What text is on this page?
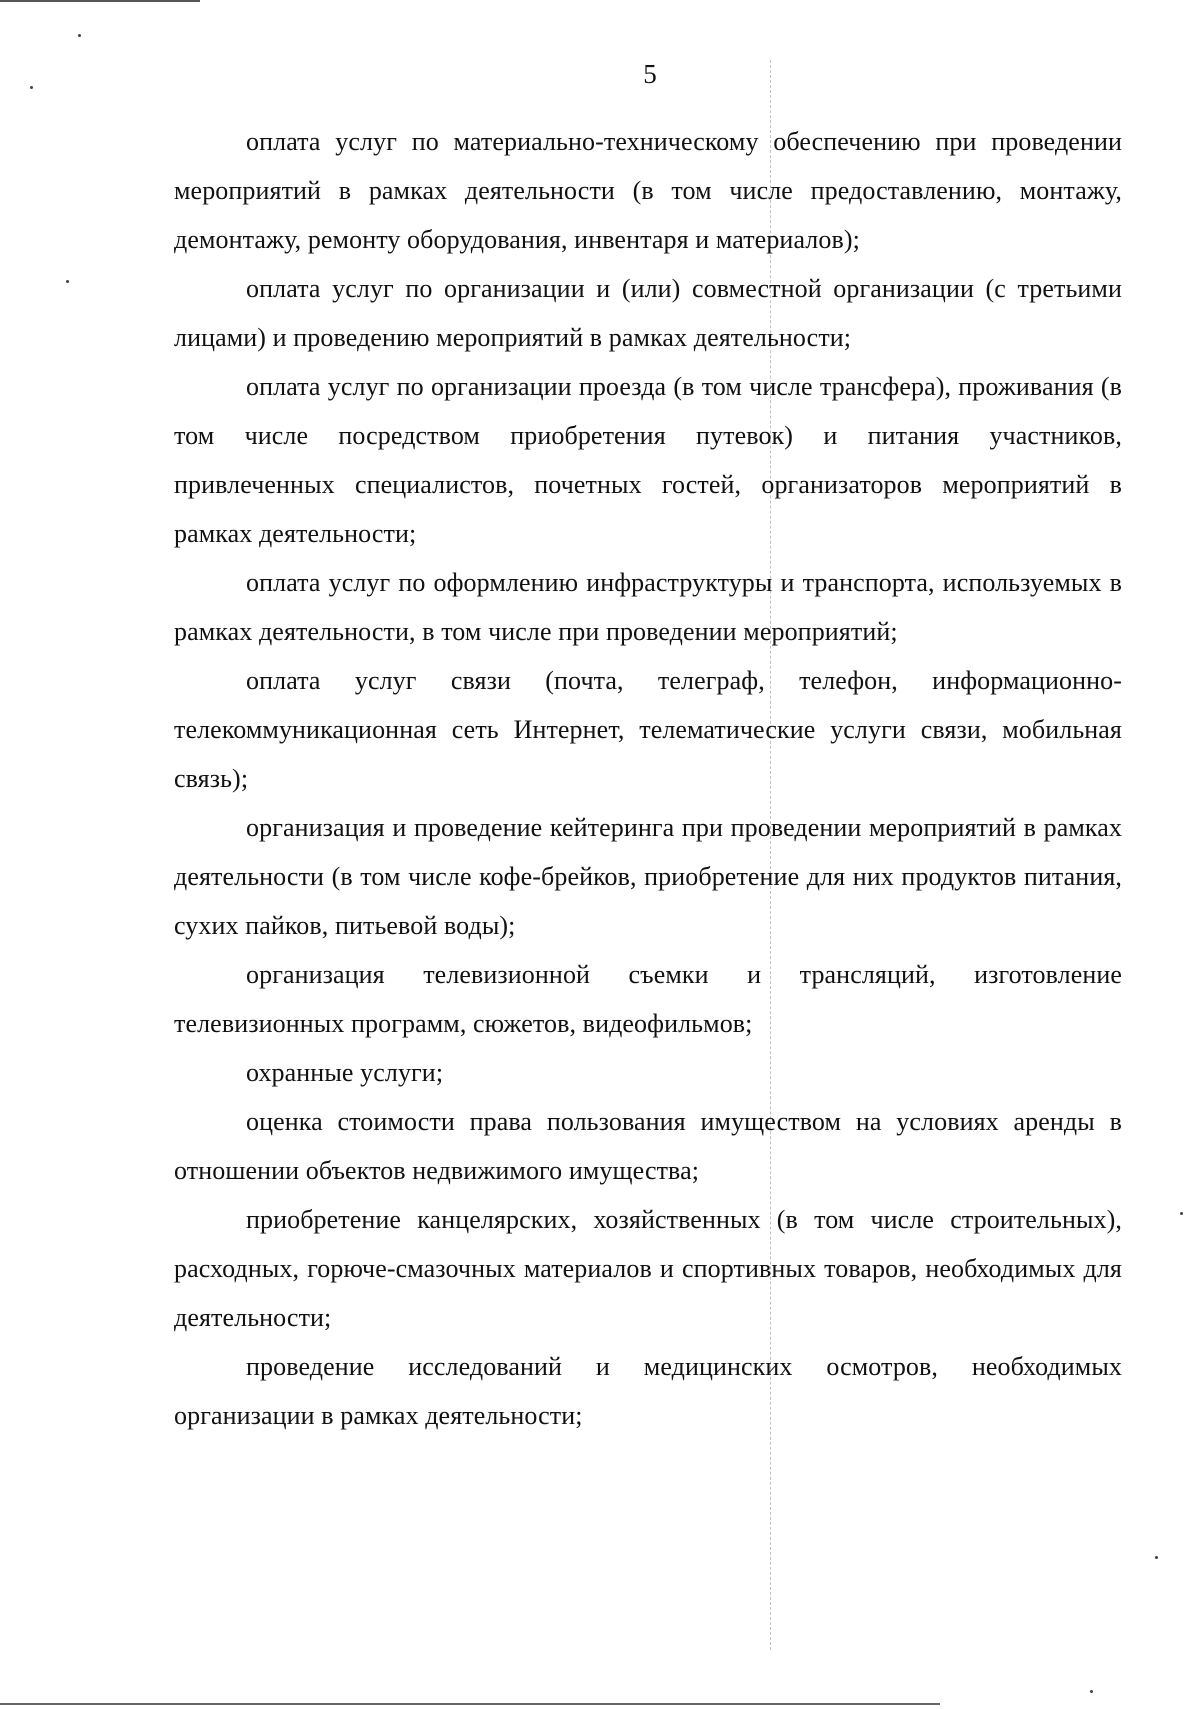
5

оплата услуг по материально-техническому обеспечению при проведении мероприятий в рамках деятельности (в том числе предоставлению, монтажу, демонтажу, ремонту оборудования, инвентаря и материалов);

оплата услуг по организации и (или) совместной организации (с третьими лицами) и проведению мероприятий в рамках деятельности;

оплата услуг по организации проезда (в том числе трансфера), проживания (в том числе посредством приобретения путевок) и питания участников, привлеченных специалистов, почетных гостей, организаторов мероприятий в рамках деятельности;

оплата услуг по оформлению инфраструктуры и транспорта, используемых в рамках деятельности, в том числе при проведении мероприятий;

оплата услуг связи (почта, телеграф, телефон, информационно-телекоммуникационная сеть Интернет, телематические услуги связи, мобильная связь);

организация и проведение кейтеринга при проведении мероприятий в рамках деятельности (в том числе кофе-брейков, приобретение для них продуктов питания, сухих пайков, питьевой воды);

организация телевизионной съемки и трансляций, изготовление телевизионных программ, сюжетов, видеофильмов;

охранные услуги;

оценка стоимости права пользования имуществом на условиях аренды в отношении объектов недвижимого имущества;

приобретение канцелярских, хозяйственных (в том числе строительных), расходных, горюче-смазочных материалов и спортивных товаров, необходимых для деятельности;

проведение исследований и медицинских осмотров, необходимых организации в рамках деятельности;
